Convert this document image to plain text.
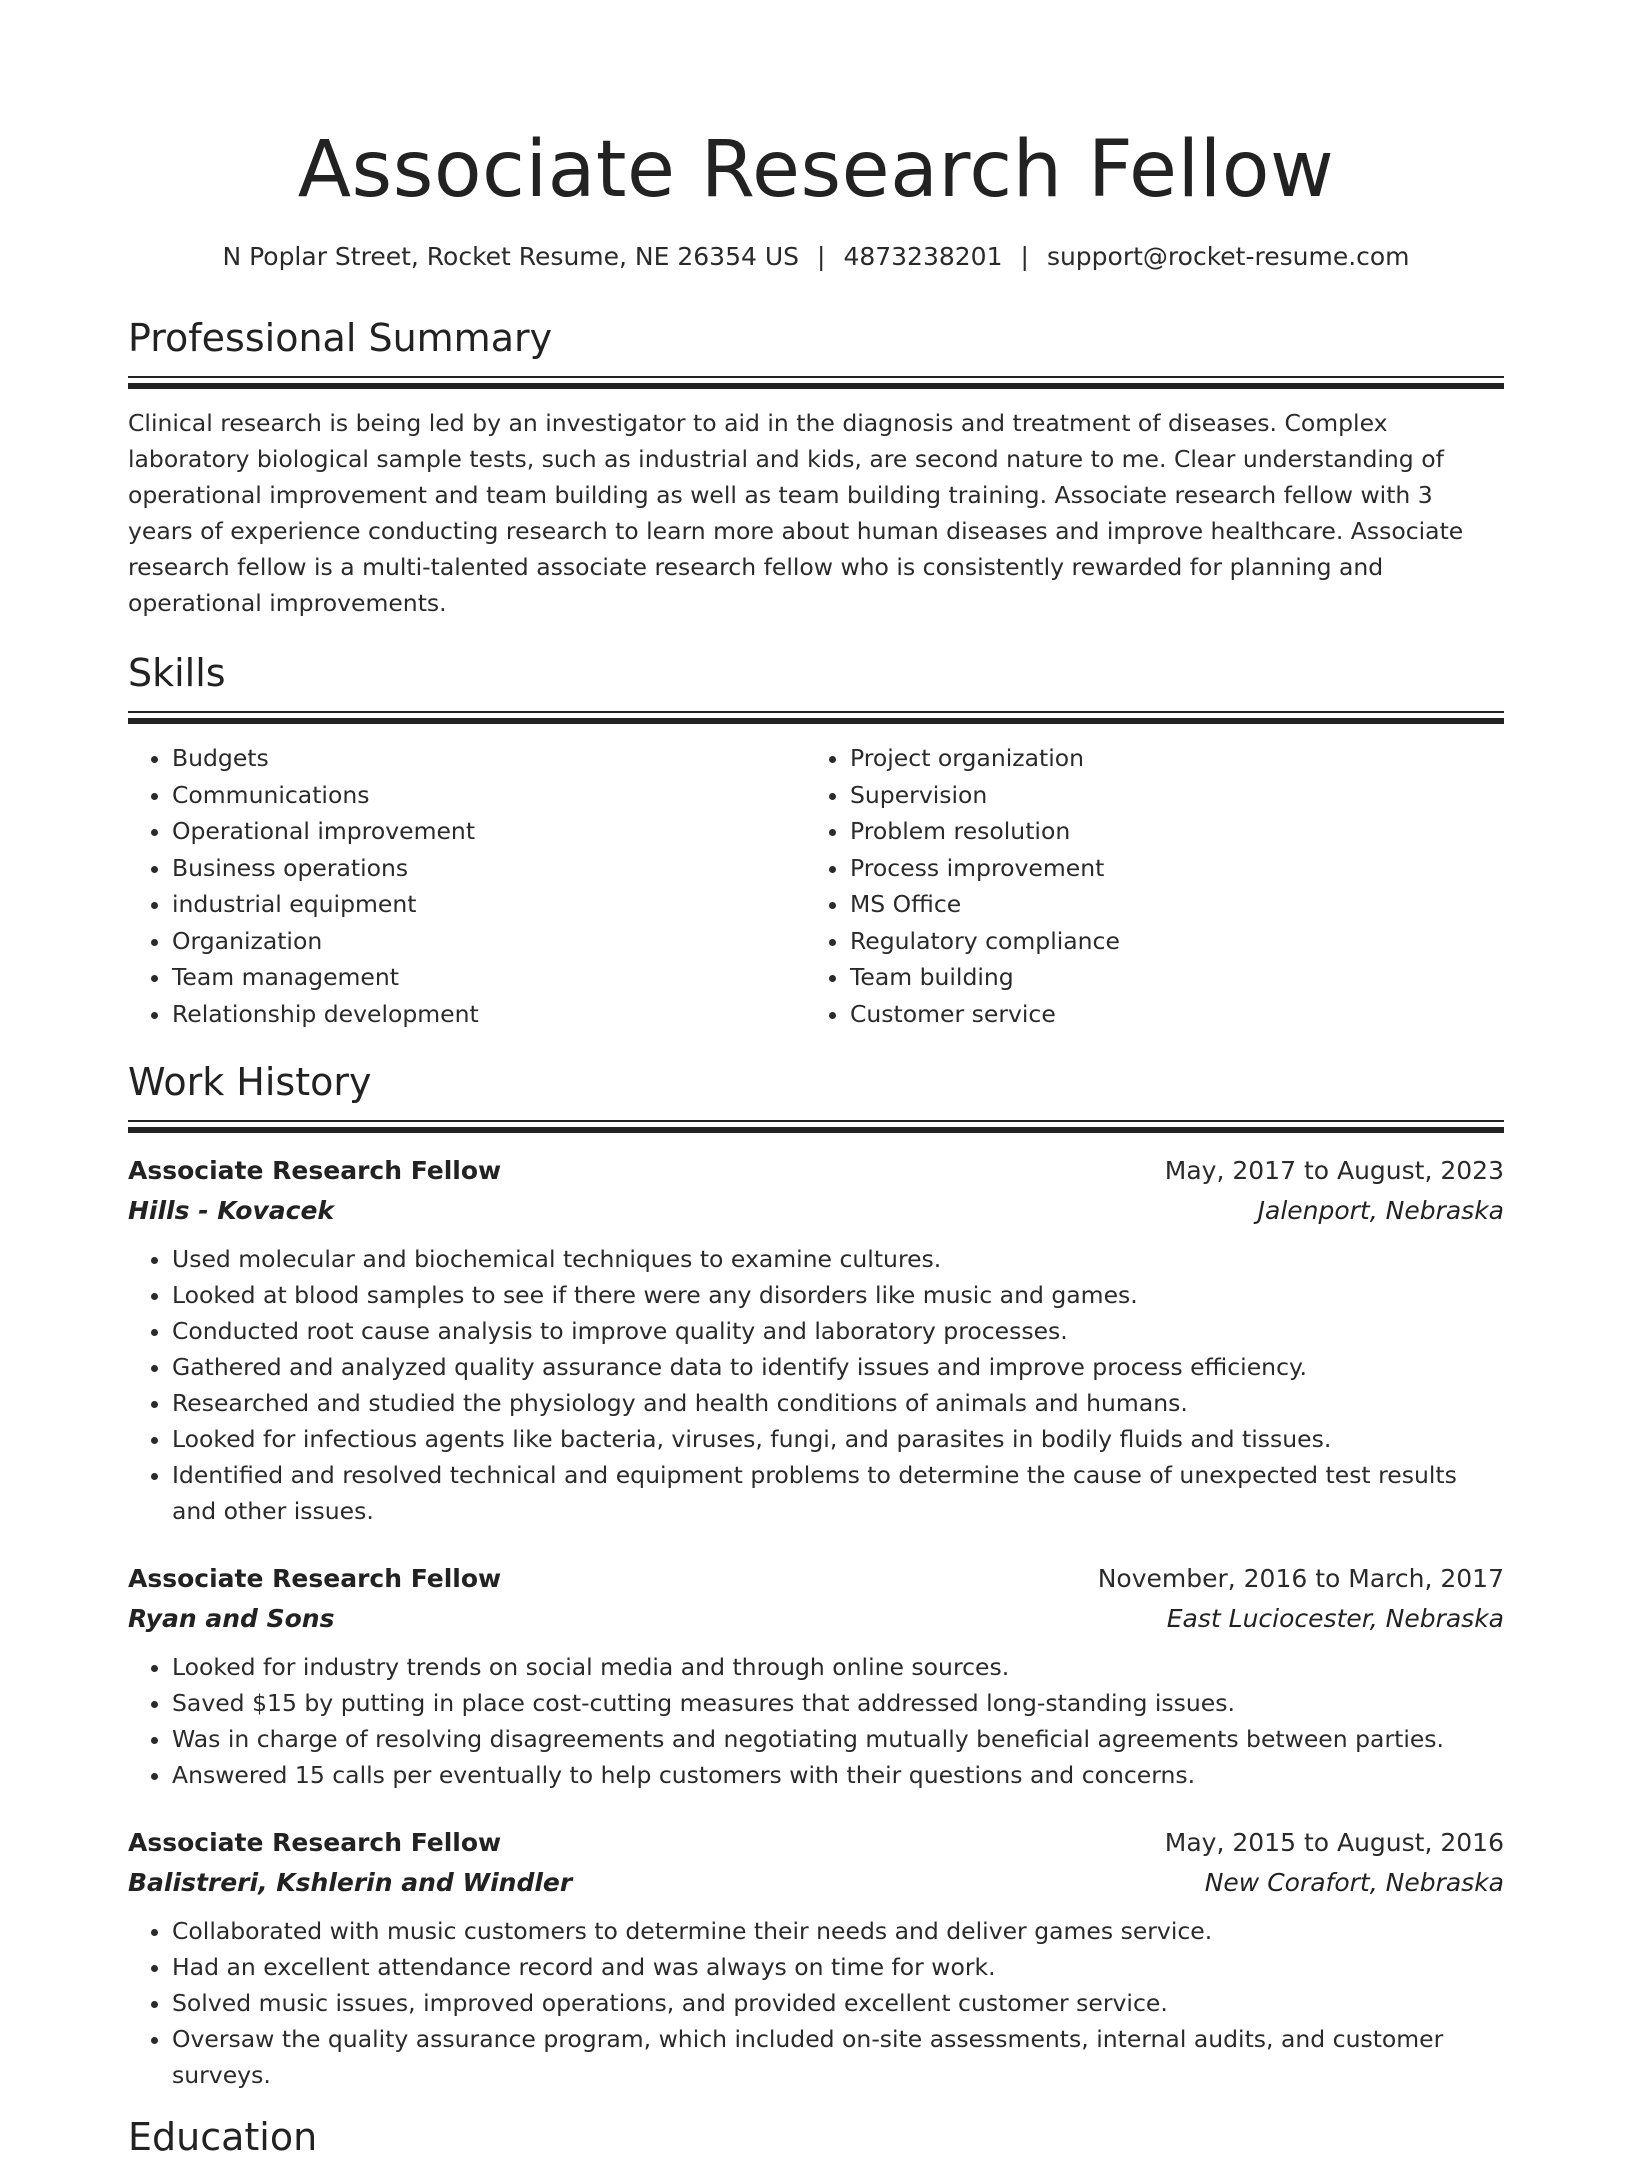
Associate Research Fellow
N Poplar Street, Rocket Resume, NE 26354 US | 4873238201 | support@rocket-resume.com
Professional Summary
Clinical research is being led by an investigator to aid in the diagnosis and treatment of diseases. Complex laboratory biological sample tests, such as industrial and kids, are second nature to me. Clear understanding of operational improvement and team building as well as team building training. Associate research fellow with 3 years of experience conducting research to learn more about human diseases and improve healthcare. Associate research fellow is a multi-talented associate research fellow who is consistently rewarded for planning and operational improvements.
Skills
• Budgets
• Communications
• Operational improvement
• Business operations
• industrial equipment
• Organization
• Team management
• Relationship development
• Project organization
• Supervision
• Problem resolution
• Process improvement
• MS Office
• Regulatory compliance
• Team building
• Customer service
Work History
Associate Research Fellow	May, 2017 to August, 2023
Hills - Kovacek	Jalenport, Nebraska
• Used molecular and biochemical techniques to examine cultures.
• Looked at blood samples to see if there were any disorders like music and games.
• Conducted root cause analysis to improve quality and laboratory processes.
• Gathered and analyzed quality assurance data to identify issues and improve process efficiency.
• Researched and studied the physiology and health conditions of animals and humans.
• Looked for infectious agents like bacteria, viruses, fungi, and parasites in bodily fluids and tissues.
• Identified and resolved technical and equipment problems to determine the cause of unexpected test results and other issues.
Associate Research Fellow	November, 2016 to March, 2017
Ryan and Sons	East Luciocester, Nebraska
• Looked for industry trends on social media and through online sources.
• Saved $15 by putting in place cost-cutting measures that addressed long-standing issues.
• Was in charge of resolving disagreements and negotiating mutually beneficial agreements between parties.
• Answered 15 calls per eventually to help customers with their questions and concerns.
Associate Research Fellow	May, 2015 to August, 2016
Balistreri, Kshlerin and Windler	New Corafort, Nebraska
• Collaborated with music customers to determine their needs and deliver games service.
• Had an excellent attendance record and was always on time for work.
• Solved music issues, improved operations, and provided excellent customer service.
• Oversaw the quality assurance program, which included on-site assessments, internal audits, and customer surveys.
Education
